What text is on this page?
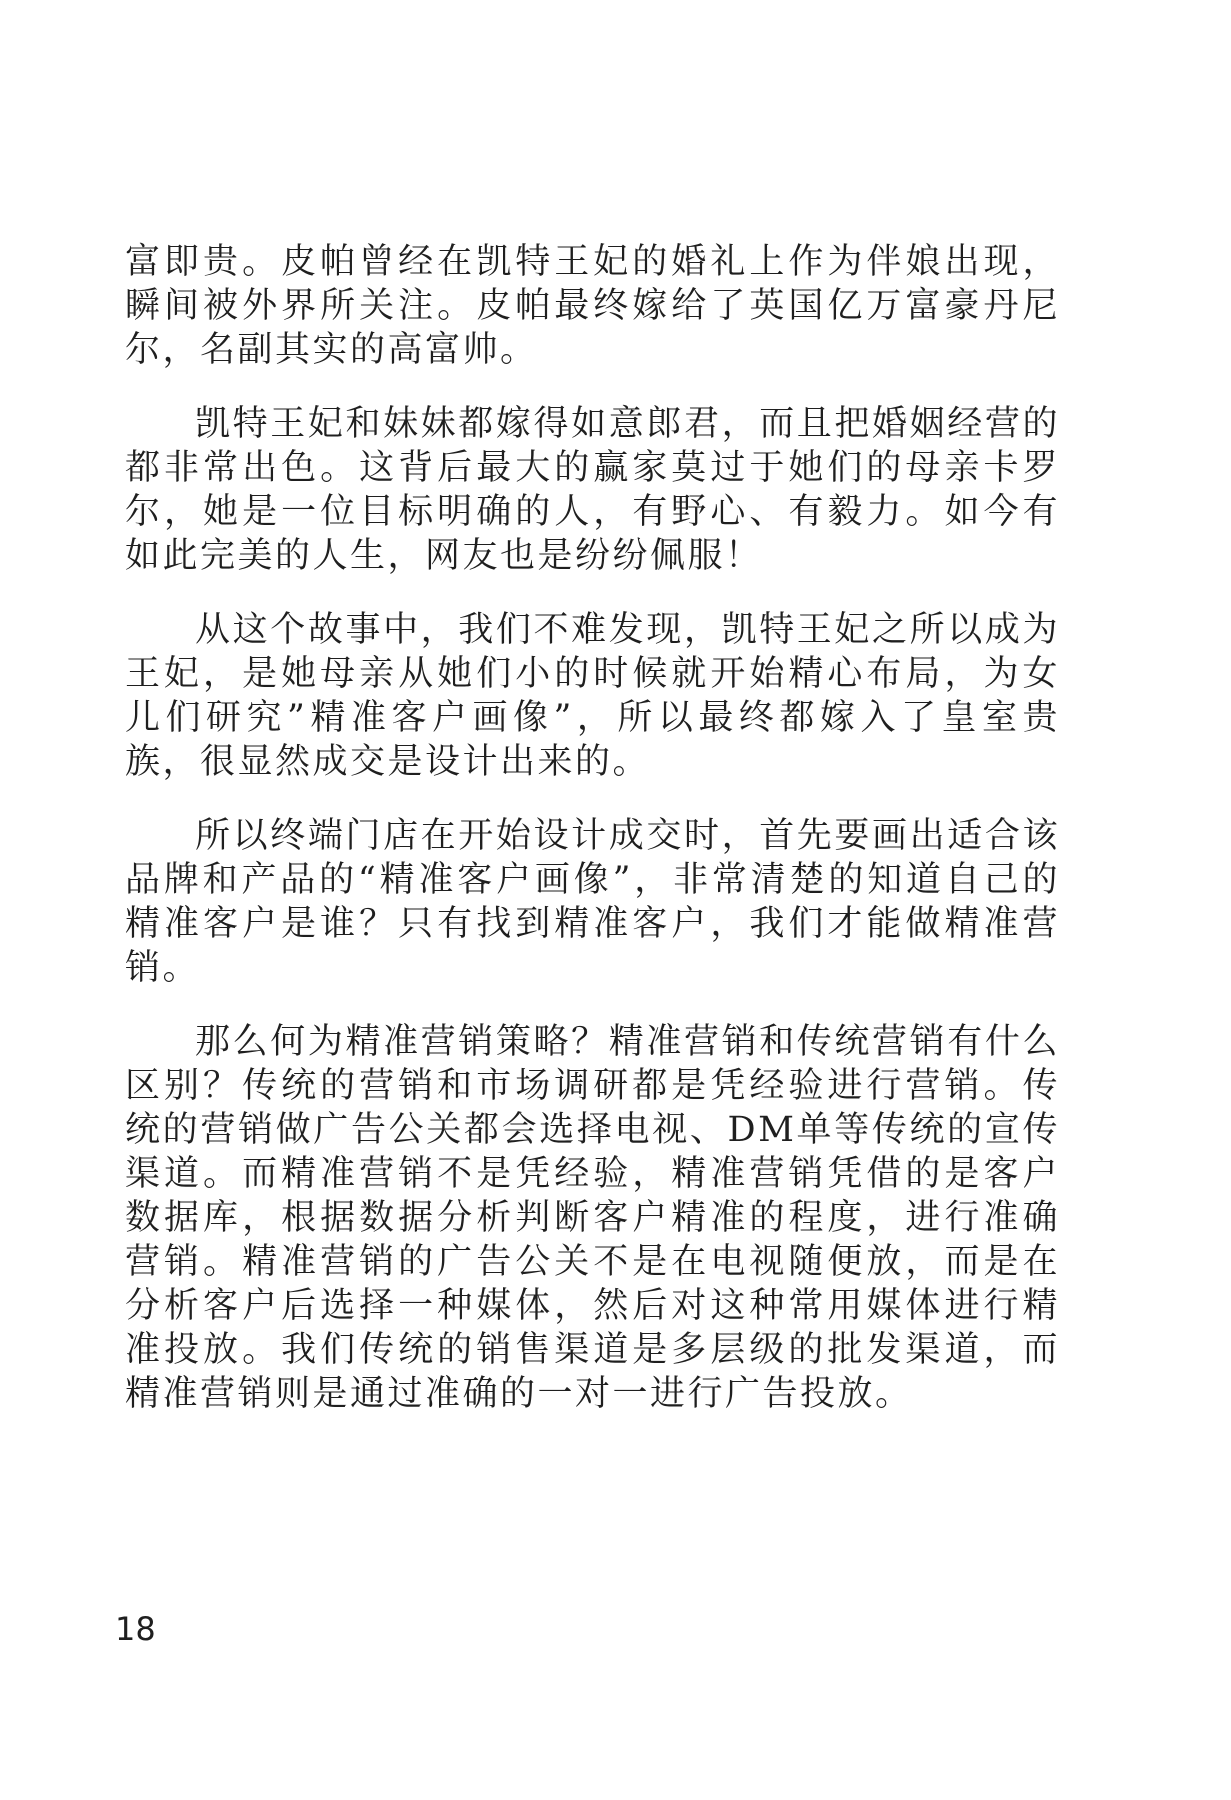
富即贵。皮帕曾经在凯特王妃的婚礼上作为伴娘出现，瞬间被外界所关注。皮帕最终嫁给了英国亿万富豪丹尼尔，名副其实的高富帅。

凯特王妃和妹妹都嫁得如意郎君，而且把婚姻经营的都非常出色。这背后最大的赢家莫过于她们的母亲卡罗尔，她是一位目标明确的人，有野心、有毅力。如今有如此完美的人生，网友也是纷纷佩服！

从这个故事中，我们不难发现，凯特王妃之所以成为王妃，是她母亲从她们小的时候就开始精心布局，为女儿们研究”精准客户画像”，所以最终都嫁入了皇室贵族，很显然成交是设计出来的。

所以终端门店在开始设计成交时，首先要画出适合该品牌和产品的“精准客户画像”，非常清楚的知道自己的精准客户是谁？只有找到精准客户，我们才能做精准营销。

那么何为精准营销策略？精准营销和传统营销有什么区别？传统的营销和市场调研都是凭经验进行营销。传统的营销做广告公关都会选择电视、DM单等传统的宣传渠道。而精准营销不是凭经验，精准营销凭借的是客户数据库，根据数据分析判断客户精准的程度，进行准确营销。精准营销的广告公关不是在电视随便放，而是在分析客户后选择一种媒体，然后对这种常用媒体进行精准投放。我们传统的销售渠道是多层级的批发渠道，而精准营销则是通过准确的一对一进行广告投放。

18
